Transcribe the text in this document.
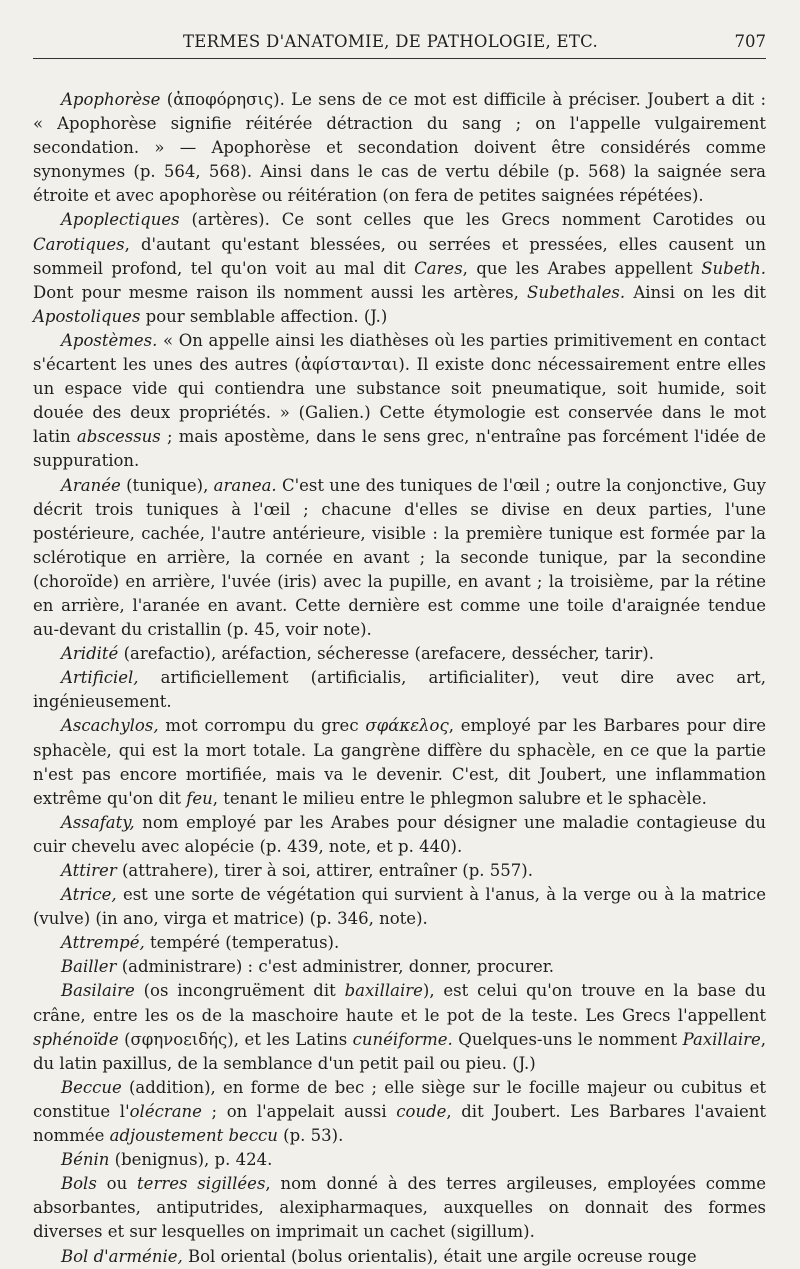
TERMES D'ANATOMIE, DE PATHOLOGIE, ETC.	707

Apophorèse (ἀποφόρησις). Le sens de ce mot est difficile à préciser. Joubert a dit : « Apophorèse signifie réitérée détraction du sang ; on l'appelle vulgairement secondation. » — Apophorèse et secondation doivent être considérés comme synonymes (p. 564, 568). Ainsi dans le cas de vertu débile (p. 568) la saignée sera étroite et avec apophorèse ou réitération (on fera de petites saignées répétées).

Apoplectiques (artères). Ce sont celles que les Grecs nomment Carotides ou Carotiques, d'autant qu'estant blessées, ou serrées et pressées, elles causent un sommeil profond, tel qu'on voit au mal dit Cares, que les Arabes appellent Subeth. Dont pour mesme raison ils nomment aussi les artères, Subethales. Ainsi on les dit Apostoliques pour semblable affection. (J.)

Apostèmes. « On appelle ainsi les diathèses où les parties primitivement en contact s'écartent les unes des autres (ἀφίστανται). Il existe donc nécessairement entre elles un espace vide qui contiendra une substance soit pneumatique, soit humide, soit douée des deux propriétés. » (Galien.) Cette étymologie est conservée dans le mot latin abscessus ; mais apostème, dans le sens grec, n'entraîne pas forcément l'idée de suppuration.

Aranée (tunique), aranea. C'est une des tuniques de l'œil ; outre la conjonctive, Guy décrit trois tuniques à l'œil ; chacune d'elles se divise en deux parties, l'une postérieure, cachée, l'autre antérieure, visible : la première tunique est formée par la sclérotique en arrière, la cornée en avant ; la seconde tunique, par la secondine (choroïde) en arrière, l'uvée (iris) avec la pupille, en avant ; la troisième, par la rétine en arrière, l'aranée en avant. Cette dernière est comme une toile d'araignée tendue au-devant du cristallin (p. 45, voir note).

Aridité (arefactio), aréfaction, sécheresse (arefacere, dessécher, tarir).

Artificiel, artificiellement (artificialis, artificialiter), veut dire avec art, ingénieusement.

Ascachylos, mot corrompu du grec σφάκελος, employé par les Barbares pour dire sphacèle, qui est la mort totale. La gangrène diffère du sphacèle, en ce que la partie n'est pas encore mortifiée, mais va le devenir. C'est, dit Joubert, une inflammation extrême qu'on dit feu, tenant le milieu entre le phlegmon salubre et le sphacèle.

Assafaty, nom employé par les Arabes pour désigner une maladie contagieuse du cuir chevelu avec alopécie (p. 439, note, et p. 440).

Attirer (attrahere), tirer à soi, attirer, entraîner (p. 557).

Atrice, est une sorte de végétation qui survient à l'anus, à la verge ou à la matrice (vulve) (in ano, virga et matrice) (p. 346, note).

Attrempé, tempéré (temperatus).

Bailler (administrare) : c'est administrer, donner, procurer.

Basilaire (os incongruëment dit baxillaire), est celui qu'on trouve en la base du crâne, entre les os de la maschoire haute et le pot de la teste. Les Grecs l'appellent sphénoïde (σφηνοειδής), et les Latins cunéiforme. Quelques-uns le nomment Paxillaire, du latin paxillus, de la semblance d'un petit pail ou pieu. (J.)

Beccue (addition), en forme de bec ; elle siège sur le focille majeur ou cubitus et constitue l'olécrane ; on l'appelait aussi coude, dit Joubert. Les Barbares l'avaient nommée adjoustement beccu (p. 53).

Bénin (benignus), p. 424.

Bols ou terres sigillées, nom donné à des terres argileuses, employées comme absorbantes, antiputrides, alexipharmaques, auxquelles on donnait des formes diverses et sur lesquelles on imprimait un cachet (sigillum).

Bol d'arménie, Bol oriental (bolus orientalis), était une argile ocreuse rouge
